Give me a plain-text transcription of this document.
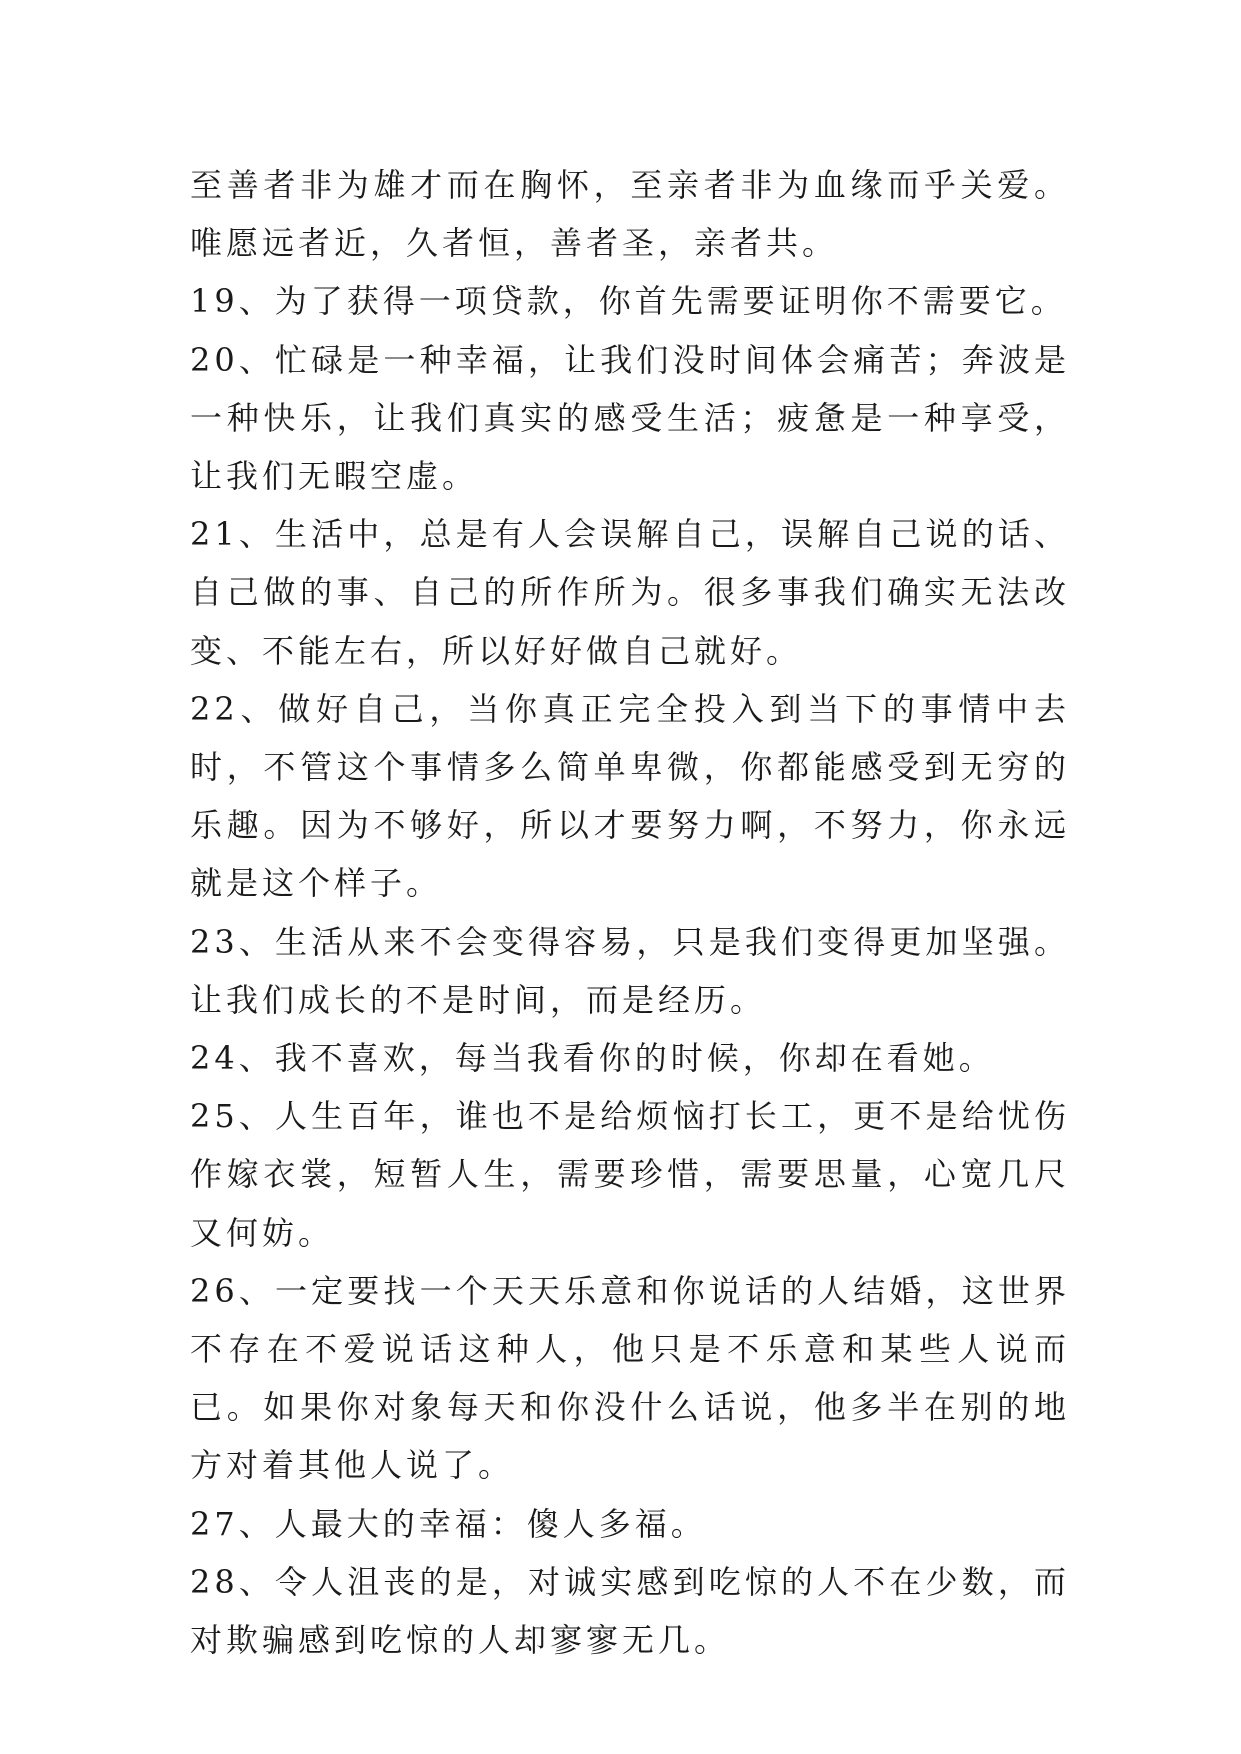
至善者非为雄才而在胸怀，至亲者非为血缘而乎关爱。唯愿远者近，久者恒，善者圣，亲者共。

19、为了获得一项贷款，你首先需要证明你不需要它。

20、忙碌是一种幸福，让我们没时间体会痛苦；奔波是一种快乐，让我们真实的感受生活；疲惫是一种享受，让我们无暇空虚。

21、生活中，总是有人会误解自己，误解自己说的话、自己做的事、自己的所作所为。很多事我们确实无法改变、不能左右，所以好好做自己就好。

22、做好自己，当你真正完全投入到当下的事情中去时，不管这个事情多么简单卑微，你都能感受到无穷的乐趣。因为不够好，所以才要努力啊，不努力，你永远就是这个样子。

23、生活从来不会变得容易，只是我们变得更加坚强。让我们成长的不是时间，而是经历。

24、我不喜欢，每当我看你的时候，你却在看她。

25、人生百年，谁也不是给烦恼打长工，更不是给忧伤作嫁衣裳，短暂人生，需要珍惜，需要思量，心宽几尺又何妨。

26、一定要找一个天天乐意和你说话的人结婚，这世界不存在不爱说话这种人，他只是不乐意和某些人说而已。如果你对象每天和你没什么话说，他多半在别的地方对着其他人说了。

27、人最大的幸福：傻人多福。

28、令人沮丧的是，对诚实感到吃惊的人不在少数，而对欺骗感到吃惊的人却寥寥无几。
